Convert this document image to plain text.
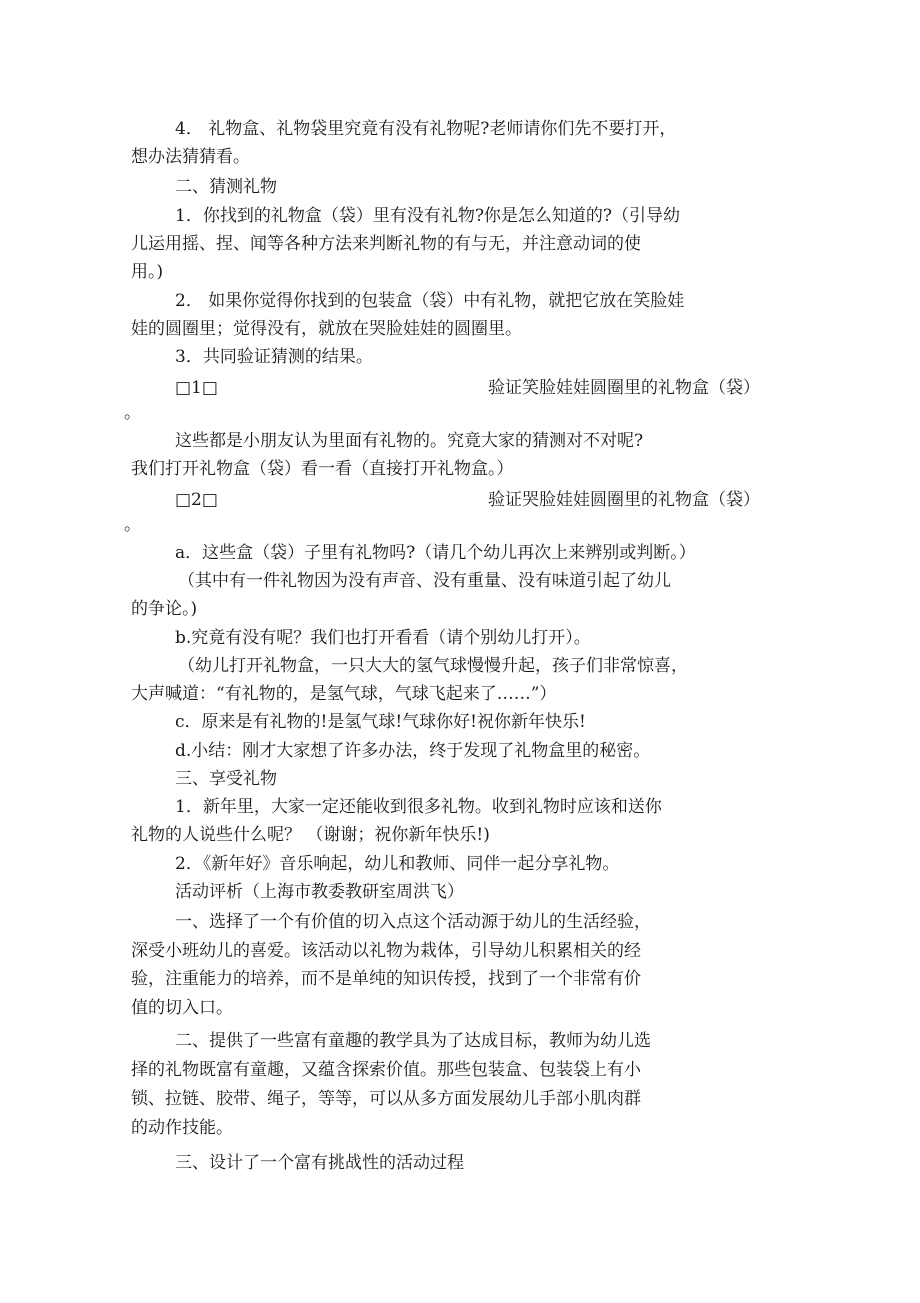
4． 礼物盒、礼物袋里究竟有没有礼物呢?老师请你们先不要打开，
想办法猜猜看。
二、猜测礼物
1．你找到的礼物盒（袋）里有没有礼物?你是怎么知道的?（引导幼
儿运用摇、捏、闻等各种方法来判断礼物的有与无，并注意动词的使
用。)
2． 如果你觉得你找到的包装盒（袋）中有礼物，就把它放在笑脸娃
娃的圆圈里；觉得没有，就放在哭脸娃娃的圆圈里。
3．共同验证猜测的结果。
□1□	验证笑脸娃娃圆圈里的礼物盒（袋）
。
这些都是小朋友认为里面有礼物的。究竟大家的猜测对不对呢?
我们打开礼物盒（袋）看一看（直接打开礼物盒。）
□2□	验证哭脸娃娃圆圈里的礼物盒（袋）
。
a．这些盒（袋）子里有礼物吗?（请几个幼儿再次上来辨别或判断。）
（其中有一件礼物因为没有声音、没有重量、没有味道引起了幼儿
的争论。)
b.究竟有没有呢？我们也打开看看（请个别幼儿打开）。
（幼儿打开礼物盒，一只大大的氢气球慢慢升起，孩子们非常惊喜，
大声喊道：“有礼物的，是氢气球，气球飞起来了……”）
c．原来是有礼物的!是氢气球!气球你好!祝你新年快乐!
d.小结：刚才大家想了许多办法，终于发现了礼物盒里的秘密。
三、享受礼物
1．新年里，大家一定还能收到很多礼物。收到礼物时应该和送你
礼物的人说些什么呢？ （谢谢；祝你新年快乐!)
2．《新年好》音乐响起，幼儿和教师、同伴一起分享礼物。
活动评析（上海市教委教研室周洪飞）
一、选择了一个有价值的切入点这个活动源于幼儿的生活经验，
深受小班幼儿的喜爱。该活动以礼物为栽体，引导幼儿积累相关的经
验，注重能力的培养，而不是单纯的知识传授，找到了一个非常有价
值的切入口。
二、提供了一些富有童趣的教学具为了达成目标，教师为幼儿选
择的礼物既富有童趣，又蕴含探索价值。那些包装盒、包装袋上有小
锁、拉链、胶带、绳子，等等，可以从多方面发展幼儿手部小肌肉群
的动作技能。
三、设计了一个富有挑战性的活动过程
